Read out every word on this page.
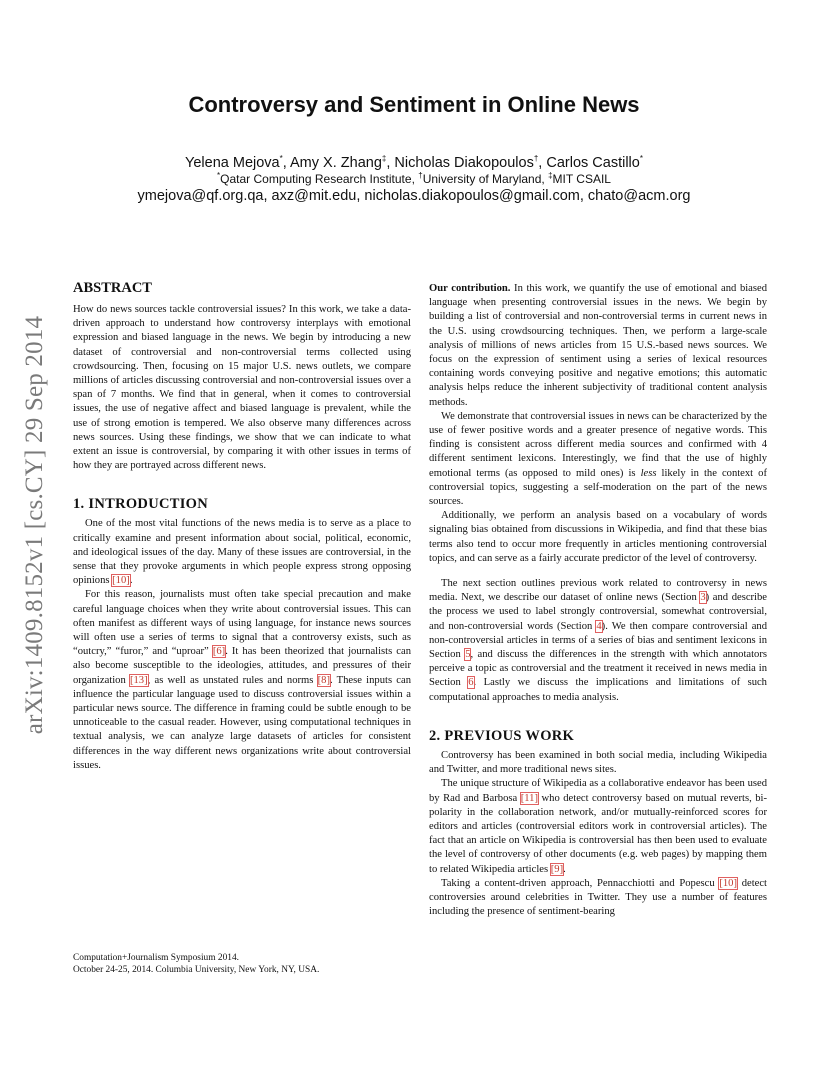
arXiv:1409.8152v1 [cs.CY] 29 Sep 2014
Controversy and Sentiment in Online News
Yelena Mejova*, Amy X. Zhang‡, Nicholas Diakopoulos†, Carlos Castillo*
*Qatar Computing Research Institute, †University of Maryland, ‡MIT CSAIL
ymejova@qf.org.qa, axz@mit.edu, nicholas.diakopoulos@gmail.com, chato@acm.org
ABSTRACT

How do news sources tackle controversial issues? In this work, we take a data-driven approach to understand how controversy interplays with emotional expression and biased language in the news. We begin by introducing a new dataset of controversial and non-controversial terms collected using crowdsourcing. Then, focusing on 15 major U.S. news outlets, we compare millions of articles discussing controversial and non-controversial issues over a span of 7 months. We find that in general, when it comes to controversial issues, the use of negative affect and biased language is prevalent, while the use of strong emotion is tempered. We also observe many differences across news sources. Using these findings, we show that we can indicate to what extent an issue is controversial, by comparing it with other issues in terms of how they are portrayed across different news.

1. INTRODUCTION

One of the most vital functions of the news media is to serve as a place to critically examine and present information about social, political, economic, and ideological issues of the day. Many of these issues are controversial, in the sense that they provoke arguments in which people express strong opposing opinions [10].

For this reason, journalists must often take special precaution and make careful language choices when they write about controversial issues. This can often manifest as different ways of using language, for instance news sources will often use a series of terms to signal that a controversy exists, such as “outcry,” “furor,” and “uproar” [6]. It has been theorized that journalists can also become susceptible to the ideologies, attitudes, and pressures of their organization [13], as well as unstated rules and norms [8]. These inputs can influence the particular language used to discuss controversial issues within a particular news source. The difference in framing could be subtle enough to be unnoticeable to the casual reader. However, using computational techniques in textual analysis, we can analyze large datasets of articles for consistent differences in the way different news organizations write about controversial issues.

Computation+Journalism Symposium 2014.
October 24-25, 2014. Columbia University, New York, NY, USA.

Our contribution. In this work, we quantify the use of emotional and biased language when presenting controversial issues in the news. We begin by building a list of controversial and non-controversial terms in current news in the U.S. using crowdsourcing techniques. Then, we perform a large-scale analysis of millions of news articles from 15 U.S.-based news sources. We focus on the expression of sentiment using a series of lexical resources containing words conveying positive and negative emotions; this automatic analysis helps reduce the inherent subjectivity of traditional content analysis methods.

We demonstrate that controversial issues in news can be characterized by the use of fewer positive words and a greater presence of negative words. This finding is consistent across different media sources and confirmed with 4 different sentiment lexicons. Interestingly, we find that the use of highly emotional terms (as opposed to mild ones) is less likely in the context of controversial topics, suggesting a self-moderation on the part of the news sources.

Additionally, we perform an analysis based on a vocabulary of words signaling bias obtained from discussions in Wikipedia, and find that these bias terms also tend to occur more frequently in articles mentioning controversial topics, and can serve as a fairly accurate predictor of the level of controversy.

The next section outlines previous work related to controversy in news media. Next, we describe our dataset of online news (Section 3) and describe the process we used to label strongly controversial, somewhat controversial, and non-controversial words (Section 4). We then compare controversial and non-controversial articles in terms of a series of bias and sentiment lexicons in Section 5, and discuss the differences in the strength with which annotators perceive a topic as controversial and the treatment it received in news media in Section 6. Lastly we discuss the implications and limitations of such computational approaches to media analysis.

2. PREVIOUS WORK

Controversy has been examined in both social media, including Wikipedia and Twitter, and more traditional news sites.

The unique structure of Wikipedia as a collaborative endeavor has been used by Rad and Barbosa [11] who detect controversy based on mutual reverts, bi-polarity in the collaboration network, and/or mutually-reinforced scores for editors and articles (controversial editors work in controversial articles). The fact that an article on Wikipedia is controversial has then been used to evaluate the level of controversy of other documents (e.g. web pages) by mapping them to related Wikipedia articles [9].

Taking a content-driven approach, Pennacchiotti and Popescu [10] detect controversies around celebrities in Twitter. They use a number of features including the presence of sentiment-bearing
